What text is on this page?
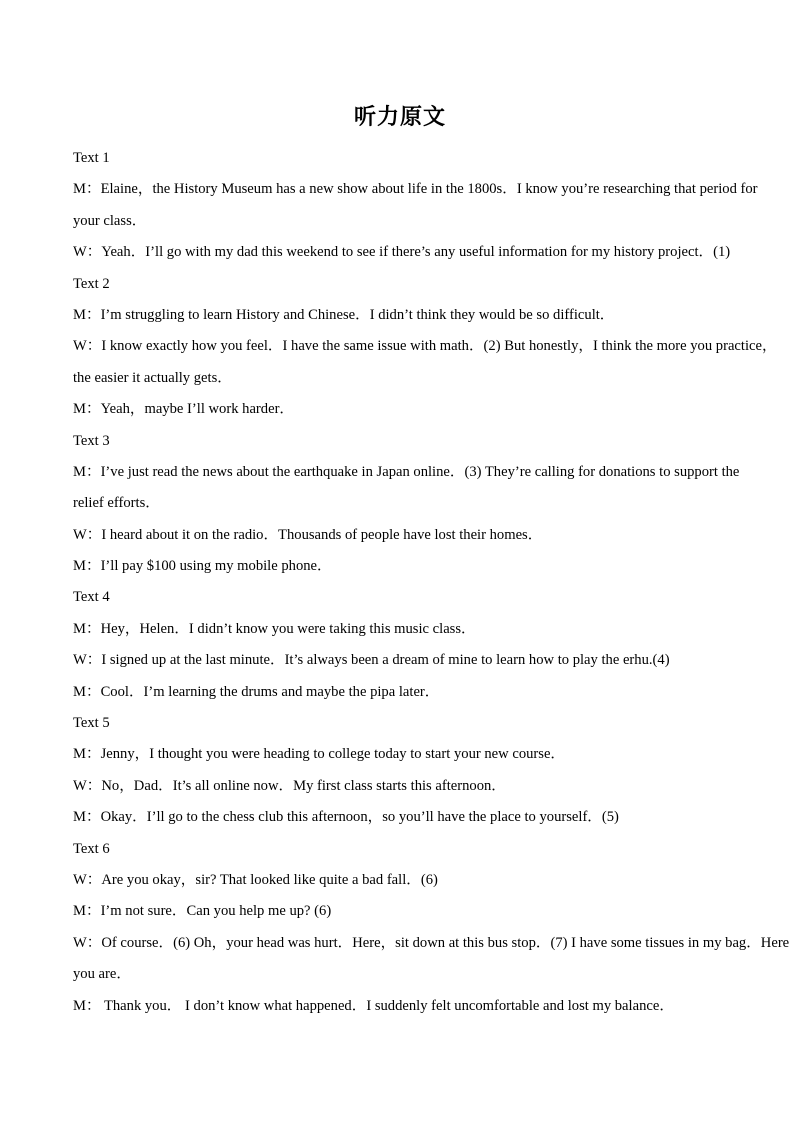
听力原文
Text 1
M：Elaine，the History Museum has a new show about life in the 1800s．I know you’re researching that period for
your class．
W：Yeah．I’ll go with my dad this weekend to see if there’s any useful information for my history project．(1)
Text 2
M：I’m struggling to learn History and Chinese．I didn’t think they would be so difficult．
W：I know exactly how you feel．I have the same issue with math．(2) But honestly，I think the more you practice，
the easier it actually gets．
M：Yeah，maybe I’ll work harder．
Text 3
M：I’ve just read the news about the earthquake in Japan online．(3) They’re calling for donations to support the
relief efforts．
W：I heard about it on the radio．Thousands of people have lost their homes．
M：I’ll pay $100 using my mobile phone．
Text 4
M：Hey，Helen．I didn’t know you were taking this music class．
W：I signed up at the last minute．It’s always been a dream of mine to learn how to play the erhu.(4)
M：Cool．I’m learning the drums and maybe the pipa later．
Text 5
M：Jenny，I thought you were heading to college today to start your new course．
W：No，Dad．It’s all online now．My first class starts this afternoon．
M：Okay．I’ll go to the chess club this afternoon，so you’ll have the place to yourself．(5)
Text 6
W：Are you okay，sir? That looked like quite a bad fall．(6)
M：I’m not sure．Can you help me up? (6)
W：Of course．(6) Oh，your head was hurt．Here，sit down at this bus stop．(7) I have some tissues in my bag．Here
you are．
M： Thank you． I don’t know what happened．I suddenly felt uncomfortable and lost my balance．
